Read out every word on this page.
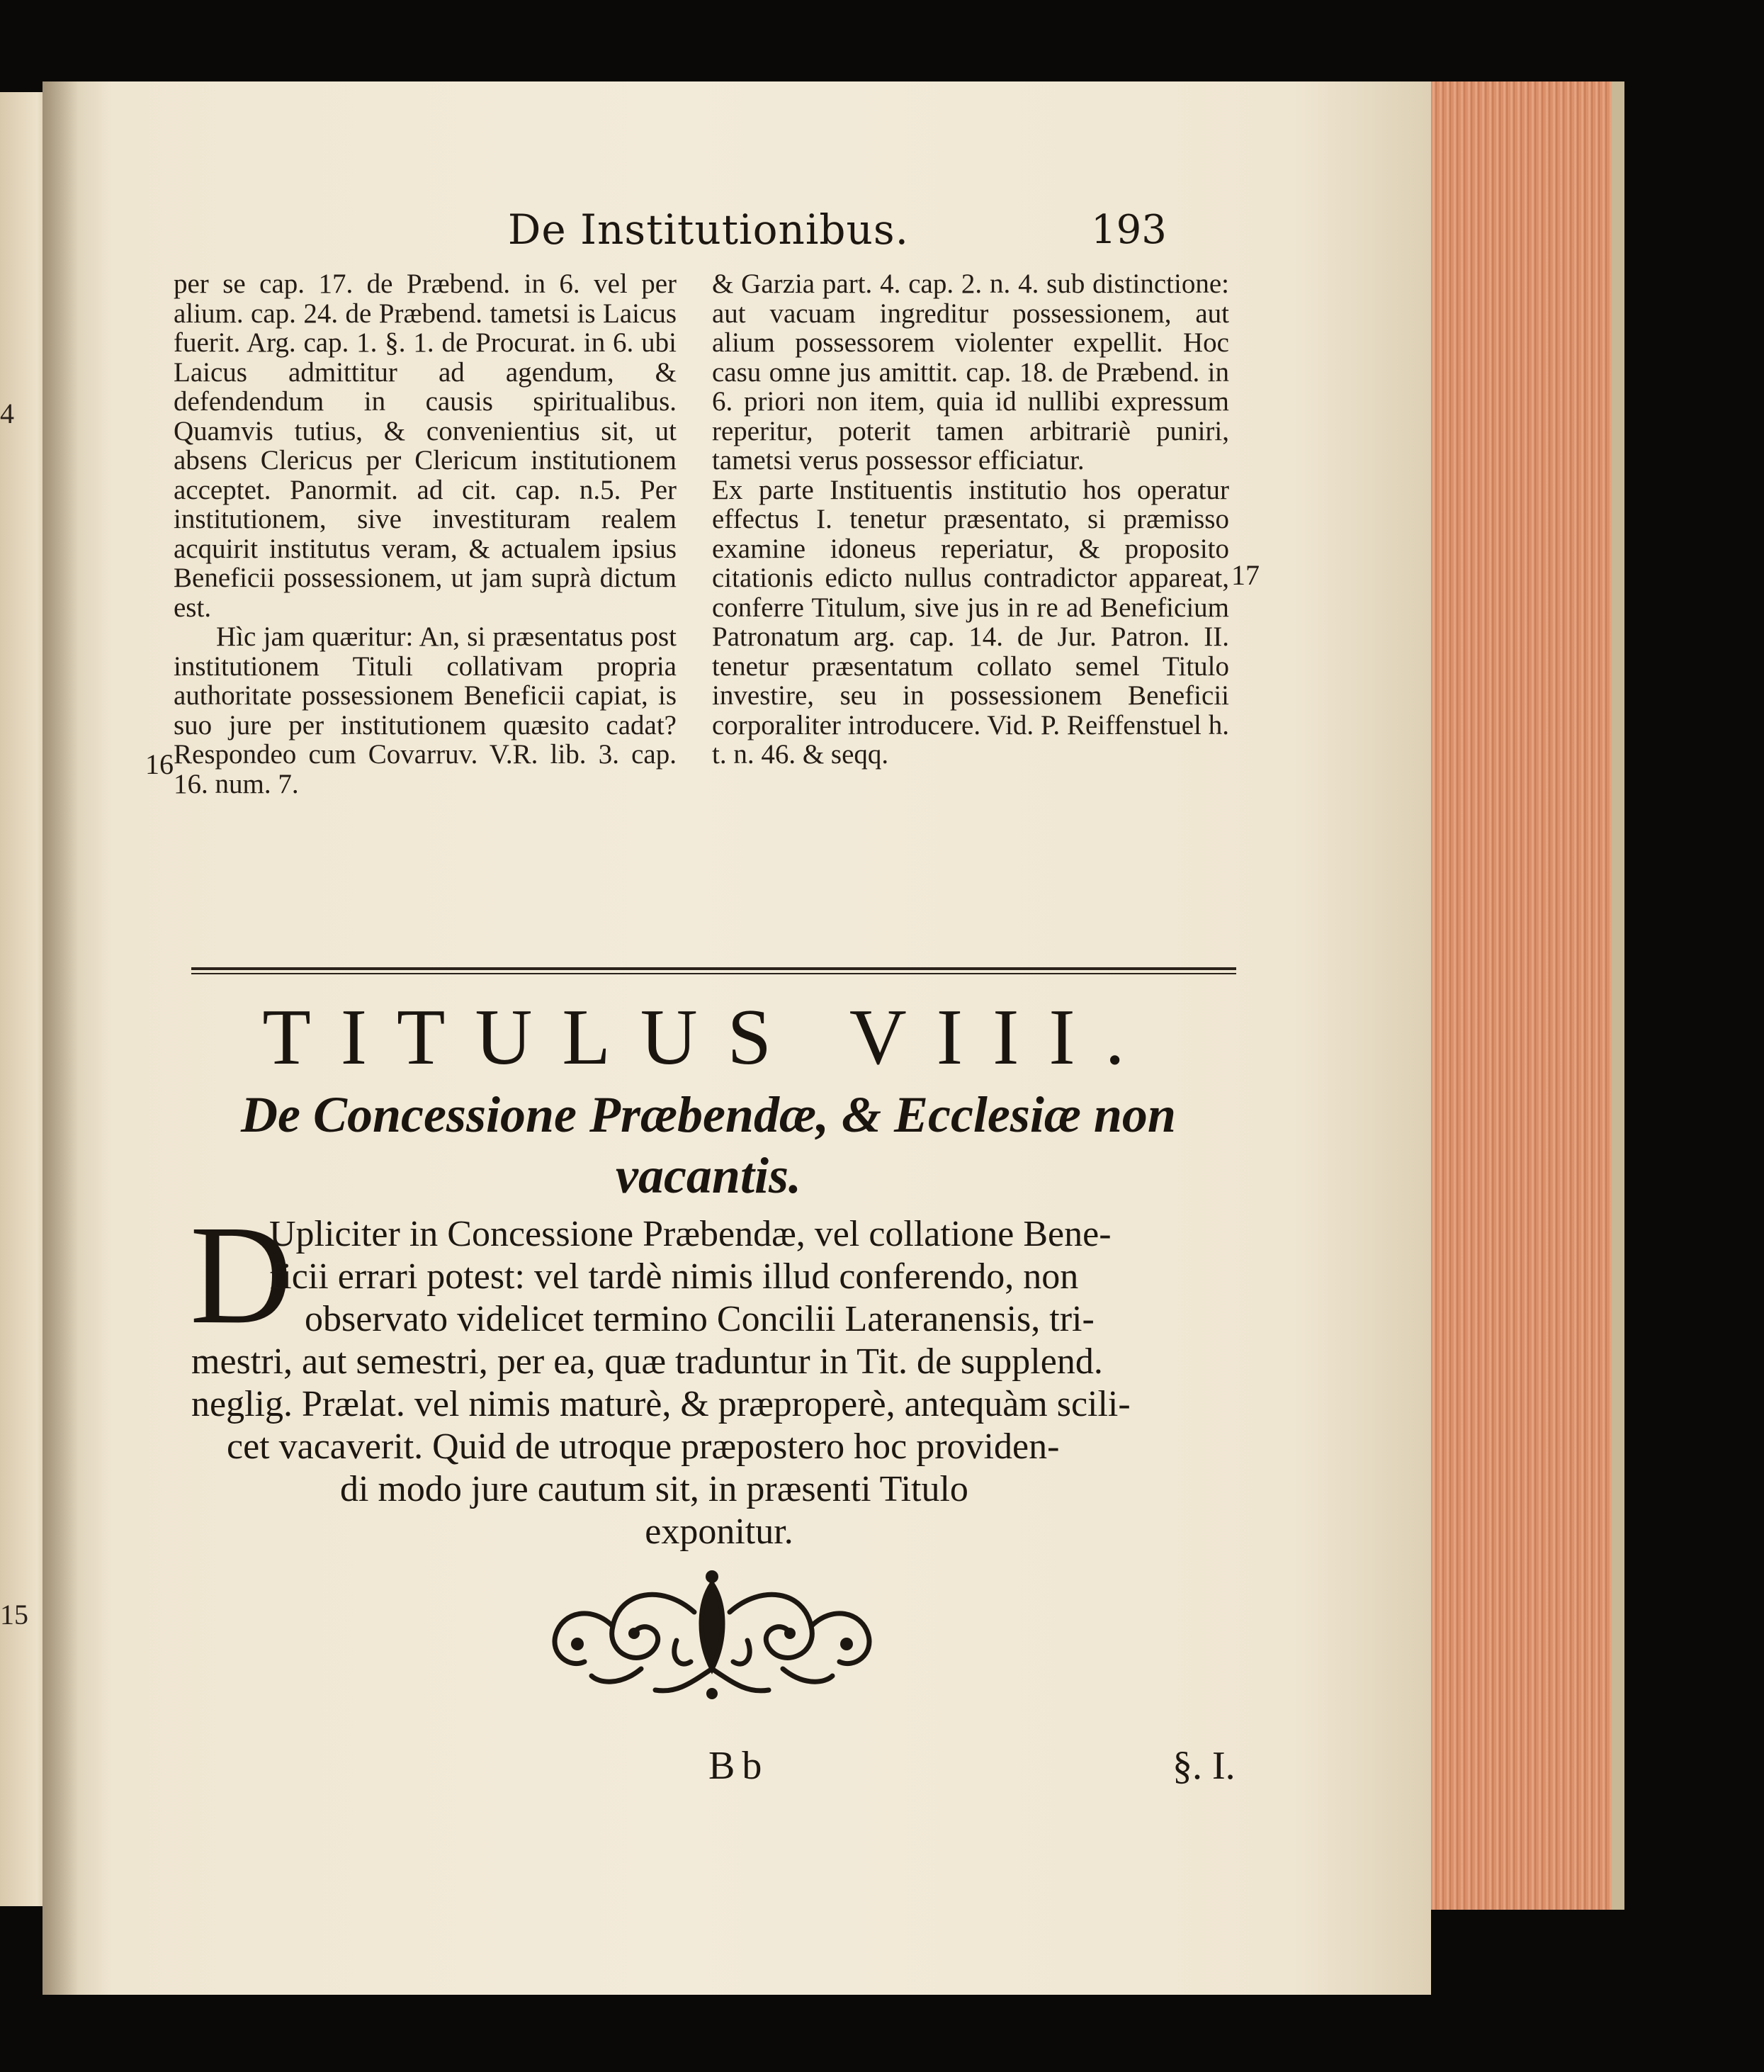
4
15
De Institutionibus.	193

per se cap. 17. de Præbend. in 6. vel per alium. cap. 24. de Præbend. tametsi is Laicus fuerit. Arg. cap. 1. §. 1. de Procurat. in 6. ubi Laicus admittitur ad agendum, & defendendum in causis spiritualibus. Quamvis tutius, & convenientius sit, ut absens Clericus per Clericum institutionem acceptet. Panormit. ad cit. cap. n.5. Per institutionem, sive investituram realem acquirit institutus veram, & actualem ipsius Beneficii possessionem, ut jam suprà dictum est.

Hìc jam quæritur: An, si præsentatus post institutionem Tituli collativam propria authoritate possessionem Beneficii capiat, is suo jure per institutionem quæsito cadat? Respondeo cum Covarruv. V.R. lib. 3. cap. 16. num. 7.

16

& Garzia part. 4. cap. 2. n. 4. sub distinctione: aut vacuam ingreditur possessionem, aut alium possessorem violenter expellit. Hoc casu omne jus amittit. cap. 18. de Præbend. in 6. priori non item, quia id nullibi expressum reperitur, poterit tamen arbitrariè puniri, tametsi verus possessor efficiatur.

Ex parte Instituentis institutio hos operatur effectus I. tenetur præsentato, si præmisso examine idoneus reperiatur, & proposito citationis edicto nullus contradictor appareat, conferre Titulum, sive jus in re ad Beneficium Patronatum arg. cap. 14. de Jur. Patron. II. tenetur præsentatum collato semel Titulo investire, seu in possessionem Beneficii corporaliter introducere. Vid. P. Reiffenstuel h. t. n. 46. & seqq.

17
TITULUS VIII.
De Concessione Præbendæ, & Ecclesiæ non
vacantis.
D
Upliciter in Concessione Præbendæ, vel collatione Bene-
ficii errari potest: vel tardè nimis illud conferendo, non
observato videlicet termino Concilii Lateranensis, tri-
mestri, aut semestri, per ea, quæ traduntur in Tit. de supplend.
neglig. Prælat. vel nimis maturè, & præproperè, antequàm scili-
cet vacaverit. Quid de utroque præpostero hoc providen-
di modo jure cautum sit, in præsenti Titulo
exponitur.
Bb	§. I.
